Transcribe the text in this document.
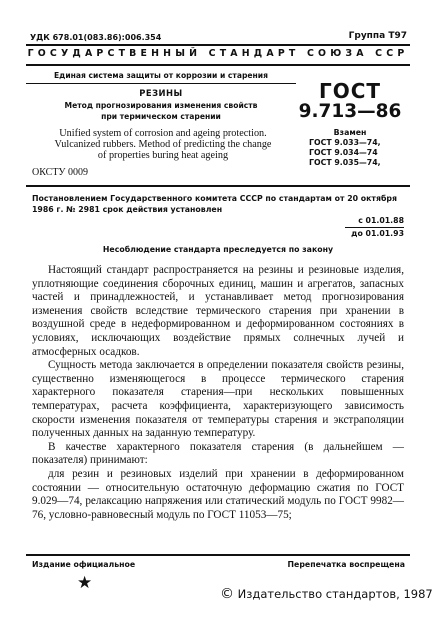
УДК 678.01(083.86):006.354	Группа Т97
ГОСУДАРСТВЕННЫЙ СТАНДАРТ СОЮЗА ССР
Единая система защиты от коррозии и старения
РЕЗИНЫ
Метод прогнозирования изменения свойств
при термическом старении
Unified system of corrosion and ageing protection.
Vulcanized rubbers. Method of predicting the change
of properties buring heat ageing
ОКСТУ 0009
ГОСТ
9.713—86
Взамен
ГОСТ 9.033—74,
ГОСТ 9.034—74
ГОСТ 9.035—74,
Постановлением Государственного комитета СССР по стандартам от 20 октября
1986 г. № 2981 срок действия установлен
с 01.01.88
до 01.01.93
Несоблюдение стандарта преследуется по закону

Настоящий стандарт распространяется на резины и резиновые изделия, уплотняющие соединения сборочных единиц, машин и агрегатов, запасных частей и принадлежностей, и устанавливает метод прогнозирования изменения свойств вследствие термического старения при хранении в воздушной среде в недеформированном и деформированном состояниях в условиях, исключающих воздействие прямых солнечных лучей и атмосферных осадков.

Сущность метода заключается в определении показателя свойств резины, существенно изменяющегося в процессе термического старения характерного показателя старения—при нескольких повышенных температурах, расчета коэффициента, характеризующего зависимость скорости изменения показателя от температуры старения и экстраполяции полученных данных на заданную температуру.

В качестве характерного показателя старения (в дальнейшем — показателя) принимают:

для резин и резиновых изделий при хранении в деформированном состоянии — относительную остаточную деформацию сжатия по ГОСТ 9.029—74, релаксацию напряжения или статический модуль по ГОСТ 9982—76, условно-равновесный модуль по ГОСТ 11053—75;

Издание официальное	Перепечатка воспрещена
★
© Издательство стандартов, 1987
